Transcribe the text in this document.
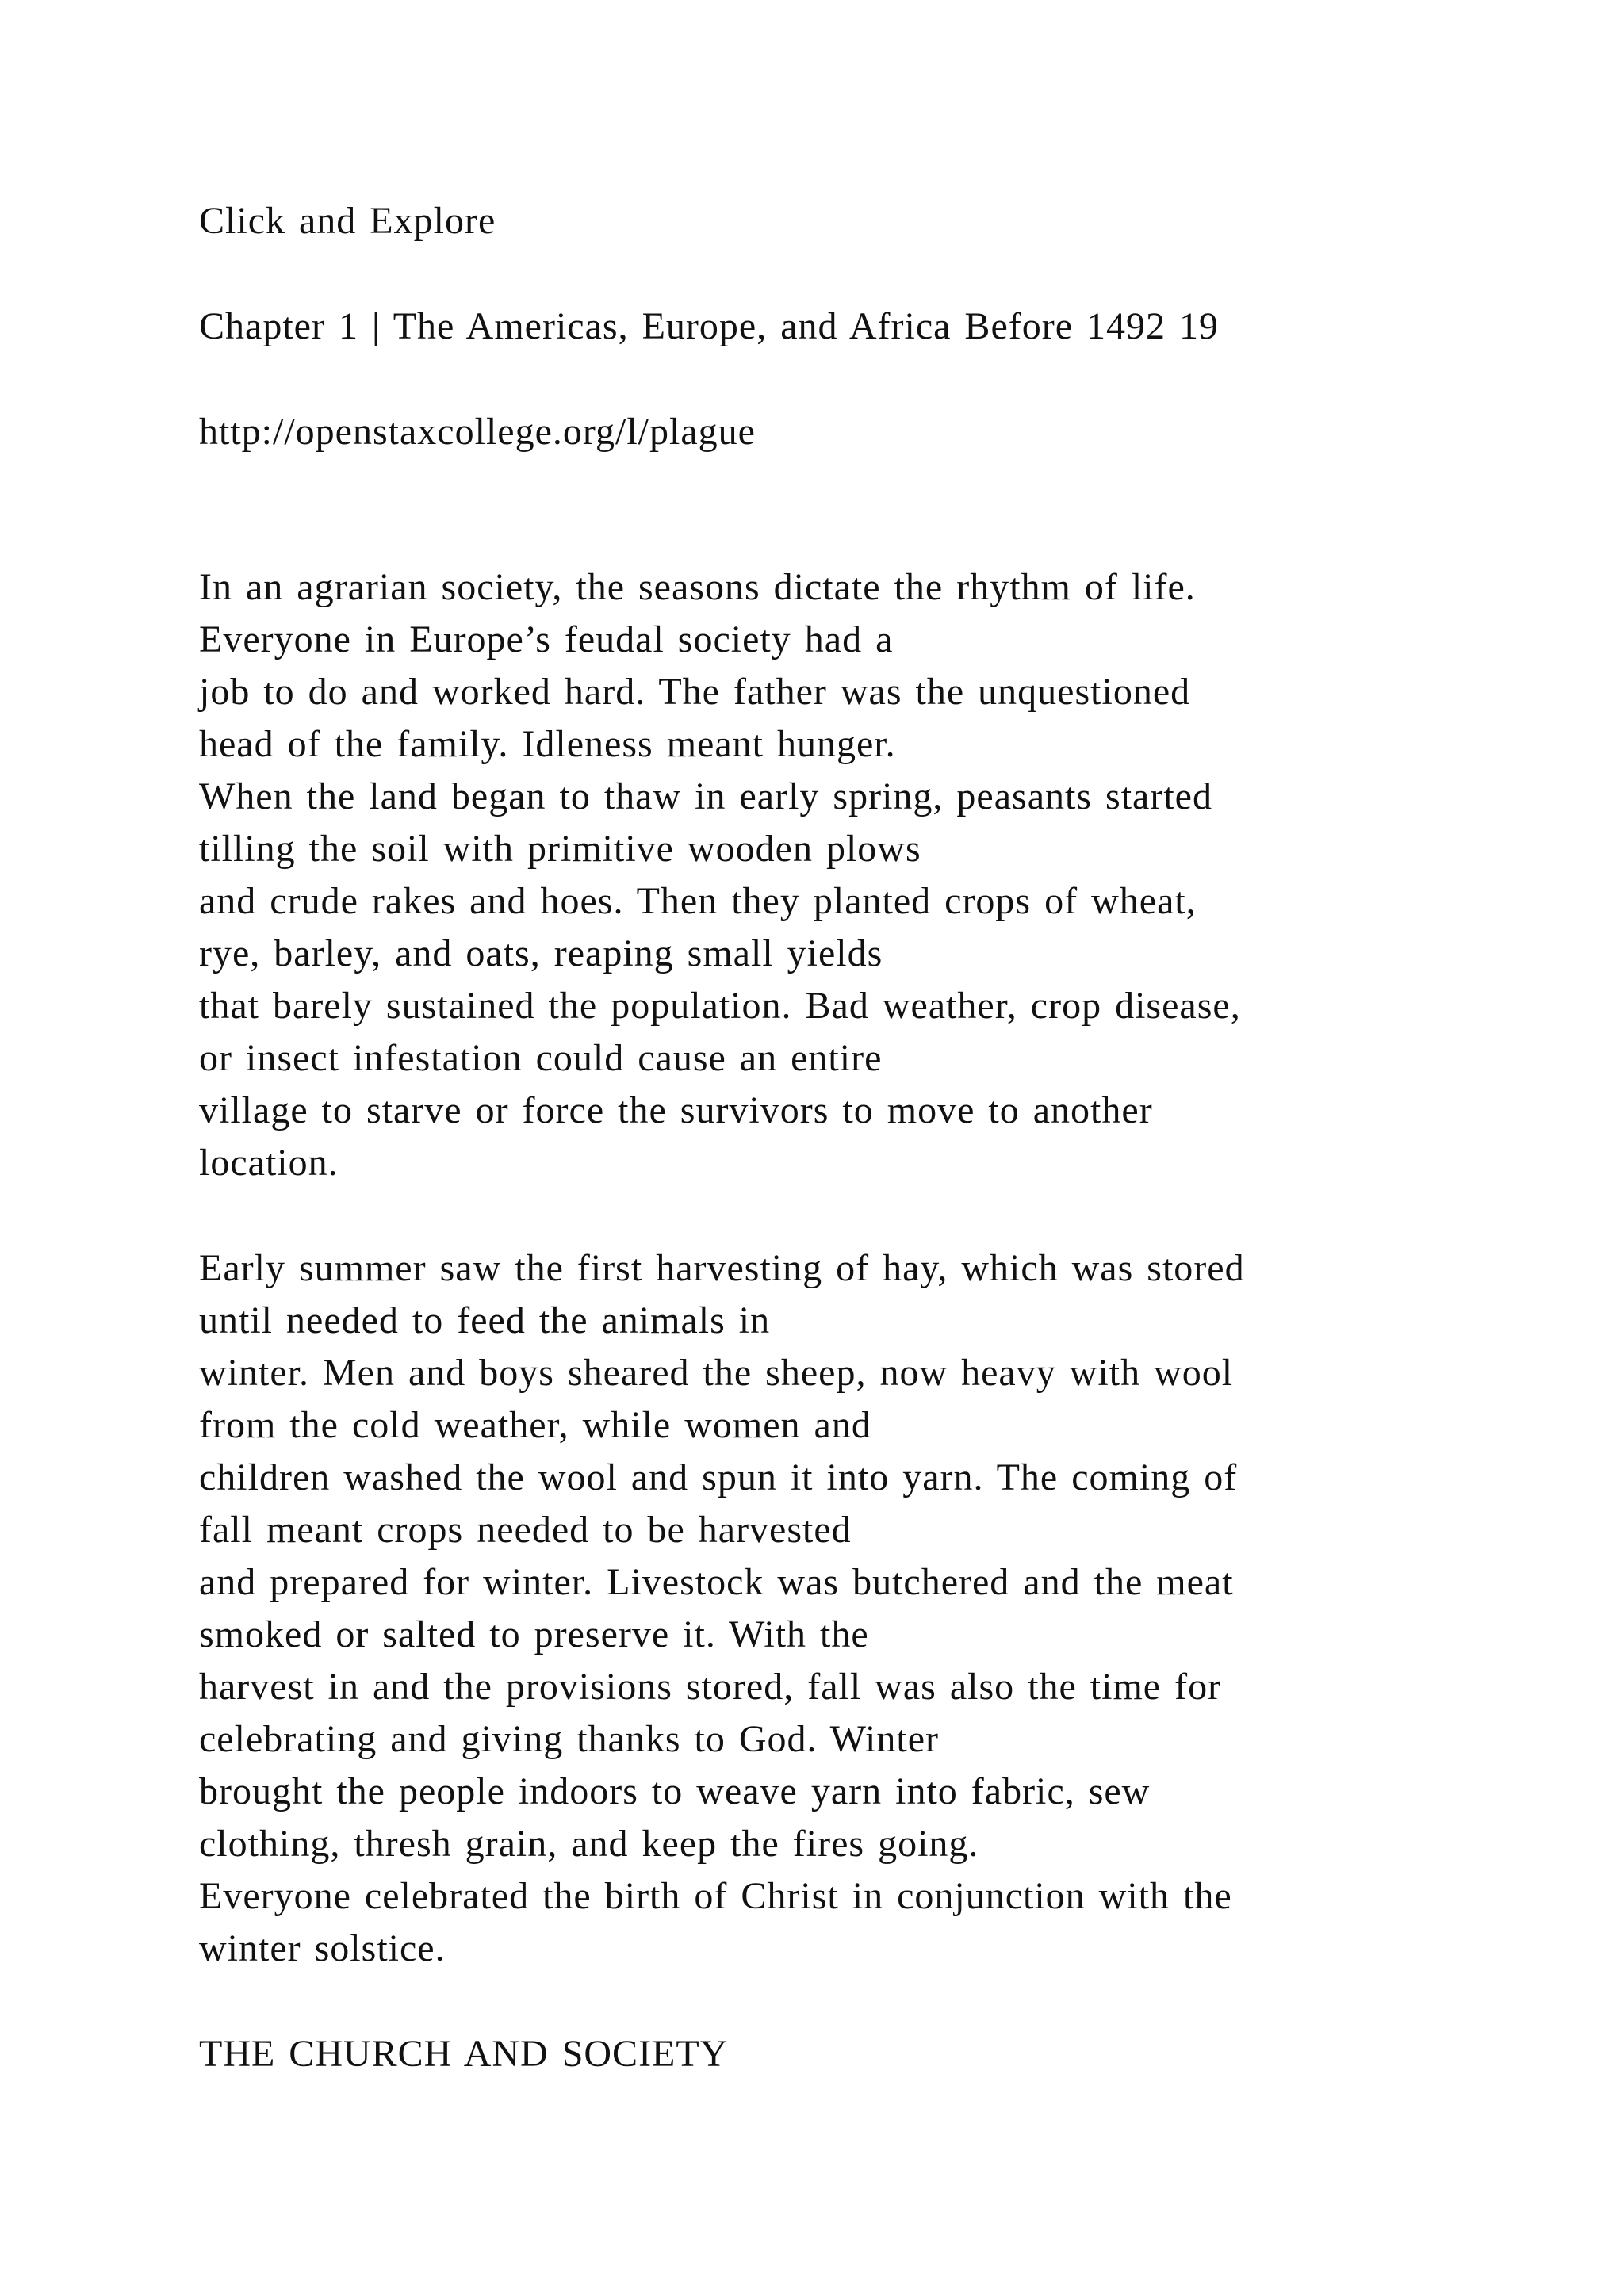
Click and Explore
Chapter 1 | The Americas, Europe, and Africa Before 1492 19
http://openstaxcollege.org/l/plague
In an agrarian society, the seasons dictate the rhythm of life.
Everyone in Europe’s feudal society had a
job to do and worked hard. The father was the unquestioned
head of the family. Idleness meant hunger.
When the land began to thaw in early spring, peasants started
tilling the soil with primitive wooden plows
and crude rakes and hoes. Then they planted crops of wheat,
rye, barley, and oats, reaping small yields
that barely sustained the population. Bad weather, crop disease,
or insect infestation could cause an entire
village to starve or force the survivors to move to another
location.
Early summer saw the first harvesting of hay, which was stored
until needed to feed the animals in
winter. Men and boys sheared the sheep, now heavy with wool
from the cold weather, while women and
children washed the wool and spun it into yarn. The coming of
fall meant crops needed to be harvested
and prepared for winter. Livestock was butchered and the meat
smoked or salted to preserve it. With the
harvest in and the provisions stored, fall was also the time for
celebrating and giving thanks to God. Winter
brought the people indoors to weave yarn into fabric, sew
clothing, thresh grain, and keep the fires going.
Everyone celebrated the birth of Christ in conjunction with the
winter solstice.
THE CHURCH AND SOCIETY
